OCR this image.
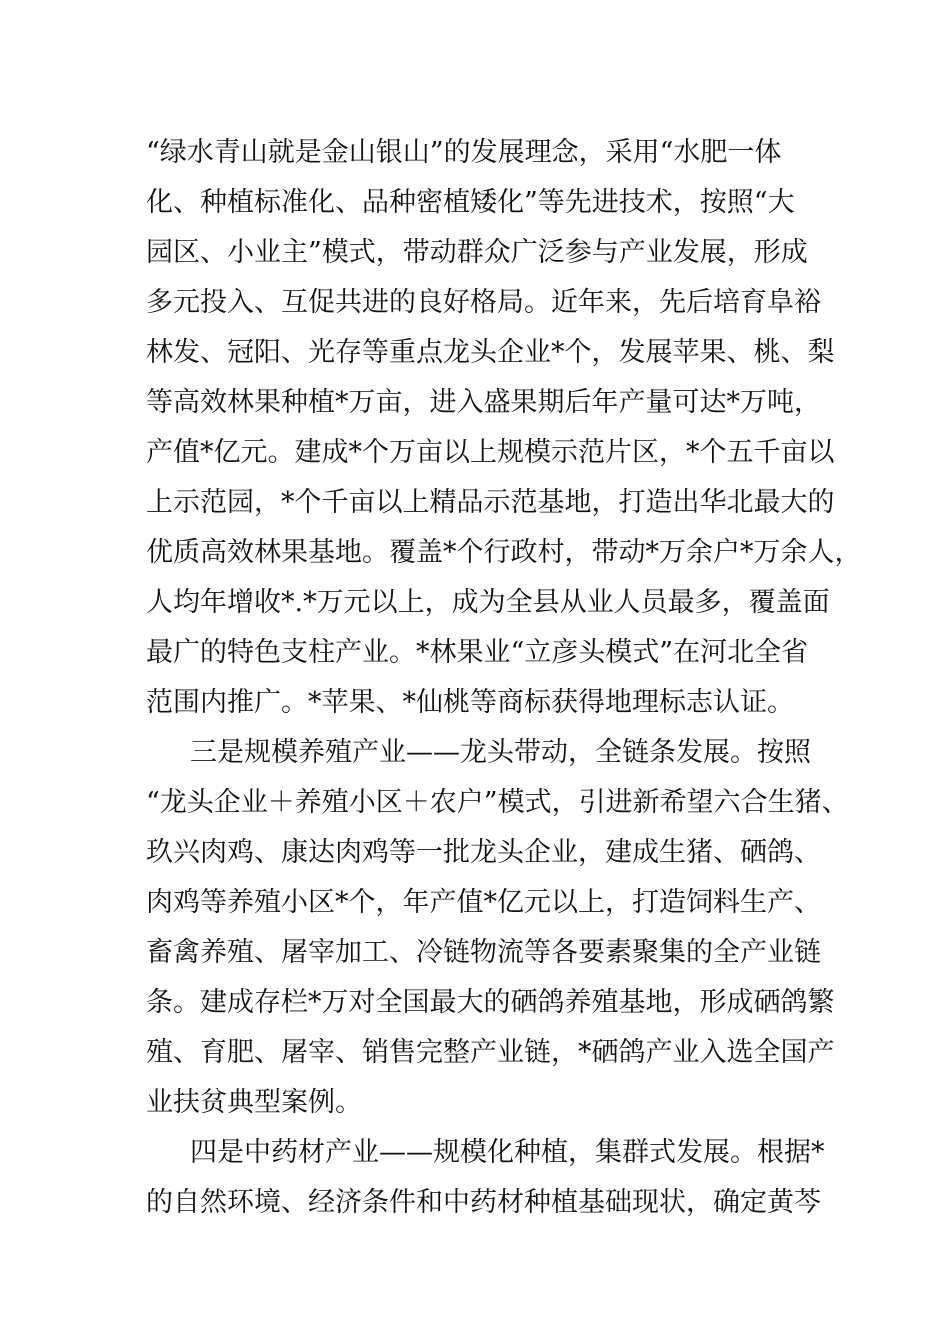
“绿水青山就是金山银山”的发展理念，采用“水肥一体
化、种植标准化、品种密植矮化”等先进技术，按照“大
园区、小业主”模式，带动群众广泛参与产业发展，形成
多元投入、互促共进的良好格局。近年来，先后培育阜裕
林发、冠阳、光存等重点龙头企业*个，发展苹果、桃、梨
等高效林果种植*万亩，进入盛果期后年产量可达*万吨，
产值*亿元。建成*个万亩以上规模示范片区，*个五千亩以
上示范园，*个千亩以上精品示范基地，打造出华北最大的
优质高效林果基地。覆盖*个行政村，带动*万余户*万余人，
人均年增收*.*万元以上，成为全县从业人员最多，覆盖面
最广的特色支柱产业。*林果业“立彦头模式”在河北全省
范围内推广。*苹果、*仙桃等商标获得地理标志认证。
三是规模养殖产业——龙头带动，全链条发展。按照
“龙头企业＋养殖小区＋农户”模式，引进新希望六合生猪、
玖兴肉鸡、康达肉鸡等一批龙头企业，建成生猪、硒鸽、
肉鸡等养殖小区*个，年产值*亿元以上，打造饲料生产、
畜禽养殖、屠宰加工、冷链物流等各要素聚集的全产业链
条。建成存栏*万对全国最大的硒鸽养殖基地，形成硒鸽繁
殖、育肥、屠宰、销售完整产业链，*硒鸽产业入选全国产
业扶贫典型案例。
四是中药材产业——规模化种植，集群式发展。根据*
的自然环境、经济条件和中药材种植基础现状，确定黄芩
